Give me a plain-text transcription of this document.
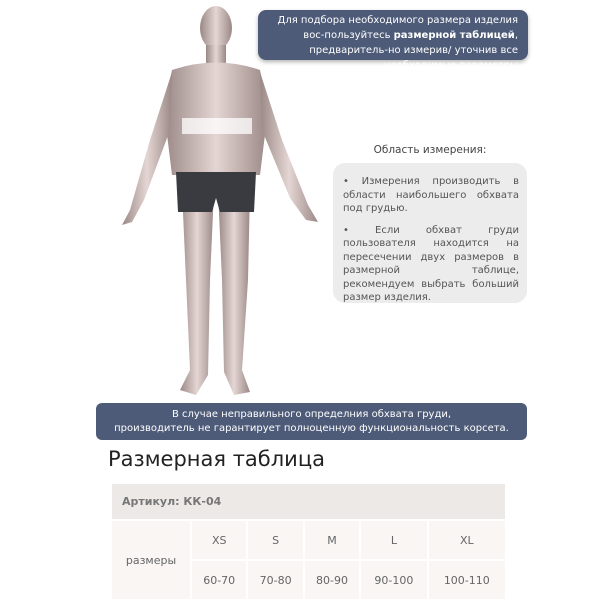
Для подбора необходимого размера изделия вос-пользуйтесь размерной таблицей, предваритель-но измерив/ уточнив все необходимые параметры
Область измерения:

• Измерения производить в области наибольшего обхвата под грудью.

• Если обхват груди пользователя находится на пересечении двух размеров в размерной таблице, рекомендуем выбрать больший размер изделия.

В случае неправильного определния обхвата груди,
производитель не гарантирует полноценную функциональность корсета.
Размерная таблица
Артикул: КК-04					
размеры	XS	S	M	L	XL
	60-70	70-80	80-90	90-100	100-110
